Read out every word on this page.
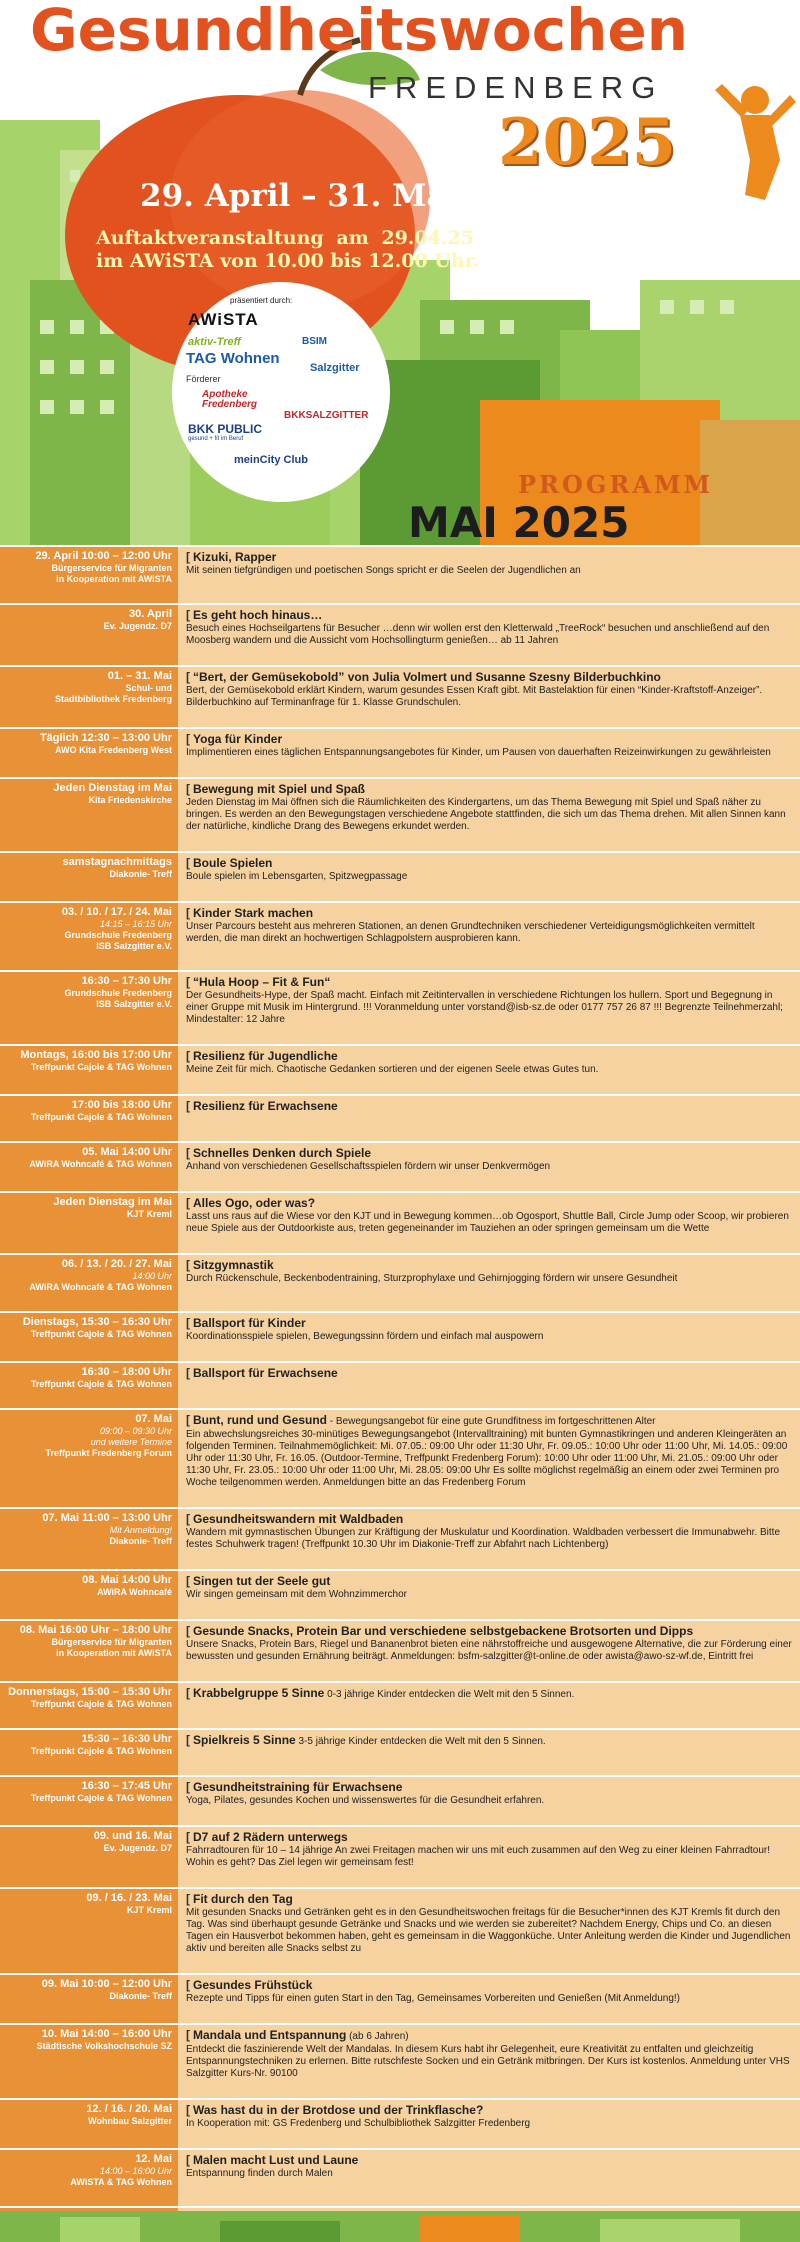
Gesundheitswochen
FREDENBERG
2025
29. April – 31. Mai
Auftaktveranstaltung am 29.04.25
im AWiSTA von 10.00 bis 12.00 Uhr.
präsentiert durch:
AWiSTA
aktiv-Treff	BSIM
TAG Wohnen
Salzgitter
Förderer
Apotheke Fredenberg
BKKSALZGITTER
BKK PUBLIC
gesund + fit im Beruf
meinCity Club
PROGRAMM
MAI 2025
29. April 10:00 – 12:00 Uhr
Bürgerservice für Migranten
in Kooperation mit AWiSTA
[ Kizuki, Rapper
Mit seinen tiefgründigen und poetischen Songs spricht er die Seelen der Jugendlichen an
30. April
Ev. Jugendz. D7
[ Es geht hoch hinaus…
Besuch eines Hochseilgartens für Besucher …denn wir wollen erst den Kletterwald „TreeRock“ besuchen und anschließend auf den Moosberg wandern und die Aussicht vom Hochsollingturm genießen… ab 11 Jahren
01. – 31. Mai
Schul- und
Stadtbibliothek Fredenberg
[ “Bert, der Gemüsekobold” von Julia Volmert und Susanne Szesny Bilderbuchkino
Bert, der Gemüsekobold erklärt Kindern, warum gesundes Essen Kraft gibt. Mit Bastelaktion für einen “Kinder-Kraftstoff-Anzeiger”. Bilderbuchkino auf Terminanfrage für 1. Klasse Grundschulen.
Täglich 12:30 – 13:00 Uhr
AWO Kita Fredenberg West
[ Yoga für Kinder
Implimentieren eines täglichen Entspannungsangebotes für Kinder, um Pausen von dauerhaften Reizeinwirkungen zu gewährleisten
Jeden Dienstag im Mai
Kita Friedenskirche
[ Bewegung mit Spiel und Spaß
Jeden Dienstag im Mai öffnen sich die Räumlichkeiten des Kindergartens, um das Thema Bewegung mit Spiel und Spaß näher zu bringen. Es werden an den Bewegungstagen verschiedene Angebote stattfinden, die sich um das Thema drehen. Mit allen Sinnen kann der natürliche, kindliche Drang des Bewegens erkundet werden.
samstagnachmittags
Diakonie- Treff
[ Boule Spielen
Boule spielen im Lebensgarten, Spitzwegpassage
03. / 10. / 17. / 24. Mai
14:15 – 16:15 Uhr
Grundschule Fredenberg
ISB Salzgitter e.V.
[ Kinder Stark machen
Unser Parcours besteht aus mehreren Stationen, an denen Grundtechniken verschiedener Verteidigungsmöglichkeiten vermittelt werden, die man direkt an hochwertigen Schlagpolstern ausprobieren kann.
16:30 – 17:30 Uhr
Grundschule Fredenberg
ISB Salzgitter e.V.
[ “Hula Hoop – Fit & Fun“
Der Gesundheits-Hype, der Spaß macht. Einfach mit Zeitintervallen in verschiedene Richtungen los hullern. Sport und Begegnung in einer Gruppe mit Musik im Hintergrund. !!! Voranmeldung unter vorstand@isb-sz.de oder 0177 757 26 87 !!! Begrenzte Teilnehmerzahl; Mindestalter: 12 Jahre
Montags, 16:00 bis 17:00 Uhr
Treffpunkt Cajole & TAG Wohnen
[ Resilienz für Jugendliche
Meine Zeit für mich. Chaotische Gedanken sortieren und der eigenen Seele etwas Gutes tun.
17:00 bis 18:00 Uhr
Treffpunkt Cajole & TAG Wohnen
[ Resilienz für Erwachsene
05. Mai 14:00 Uhr
AWiRA Wohncafé & TAG Wohnen
[ Schnelles Denken durch Spiele
Anhand von verschiedenen Gesellschaftsspielen fördern wir unser Denkvermögen
Jeden Dienstag im Mai
KJT Kreml
[ Alles Ogo, oder was?
Lasst uns raus auf die Wiese vor den KJT und in Bewegung kommen…ob Ogosport, Shuttle Ball, Circle Jump oder Scoop, wir probieren neue Spiele aus der Outdoorkiste aus, treten gegeneinander im Tauziehen an oder springen gemeinsam um die Wette
06. / 13. / 20. / 27. Mai
14:00 Uhr
AWiRA Wohncafé & TAG Wohnen
[ Sitzgymnastik
Durch Rückenschule, Beckenbodentraining, Sturzprophylaxe und Gehirnjogging fördern wir unsere Gesundheit
Dienstags, 15:30 – 16:30 Uhr
Treffpunkt Cajole & TAG Wohnen
[ Ballsport für Kinder
Koordinationsspiele spielen, Bewegungssinn fördern und einfach mal auspowern
16:30 – 18:00 Uhr
Treffpunkt Cajole & TAG Wohnen
[ Ballsport für Erwachsene
07. Mai
09:00 – 09:30 Uhr
und weitere Termine
Treffpunkt Fredenberg Forum
[ Bunt, rund und Gesund - Bewegungsangebot für eine gute Grundfitness im fortgeschrittenen Alter
Ein abwechslungsreiches 30-minütiges Bewegungsangebot (Intervalltraining) mit bunten Gymnastikringen und anderen Kleingeräten an folgenden Terminen. Teilnahmemöglichkeit: Mi. 07.05.: 09:00 Uhr oder 11:30 Uhr, Fr. 09.05.: 10:00 Uhr oder 11:00 Uhr, Mi. 14.05.: 09:00 Uhr oder 11:30 Uhr, Fr. 16.05. (Outdoor-Termine, Treffpunkt Fredenberg Forum): 10:00 Uhr oder 11:00 Uhr, Mi. 21.05.: 09:00 Uhr oder 11:30 Uhr, Fr. 23.05.: 10:00 Uhr oder 11:00 Uhr, Mi. 28.05: 09:00 Uhr Es sollte möglichst regelmäßig an einem oder zwei Terminen pro Woche teilgenommen werden. Anmeldungen bitte an das Fredenberg Forum
07. Mai 11:00 – 13:00 Uhr
Mit Anmeldung!
Diakonie- Treff
[ Gesundheitswandern mit Waldbaden
Wandern mit gymnastischen Übungen zur Kräftigung der Muskulatur und Koordination. Waldbaden verbessert die Immunabwehr. Bitte festes Schuhwerk tragen! (Treffpunkt 10.30 Uhr im Diakonie-Treff zur Abfahrt nach Lichtenberg)
08. Mai 14:00 Uhr
AWiRA Wohncafé
[ Singen tut der Seele gut
Wir singen gemeinsam mit dem Wohnzimmerchor
08. Mai 16:00 Uhr – 18:00 Uhr
Bürgerservice für Migranten
in Kooperation mit AWiSTA
[ Gesunde Snacks, Protein Bar und verschiedene selbstgebackene Brotsorten und Dipps
Unsere Snacks, Protein Bars, Riegel und Bananenbrot bieten eine nährstoffreiche und ausgewogene Alternative, die zur Förderung einer bewussten und gesunden Ernährung beiträgt. Anmeldungen: bsfm-salzgitter@t-online.de oder awista@awo-sz-wf.de, Eintritt frei
Donnerstags, 15:00 – 15:30 Uhr
Treffpunkt Cajole & TAG Wohnen
[ Krabbelgruppe 5 Sinne 0-3 jährige Kinder entdecken die Welt mit den 5 Sinnen.
15:30 – 16:30 Uhr
Treffpunkt Cajole & TAG Wohnen
[ Spielkreis 5 Sinne 3-5 jährige Kinder entdecken die Welt mit den 5 Sinnen.
16:30 – 17:45 Uhr
Treffpunkt Cajole & TAG Wohnen
[ Gesundheitstraining für Erwachsene
Yoga, Pilates, gesundes Kochen und wissenswertes für die Gesundheit erfahren.
09. und 16. Mai
Ev. Jugendz. D7
[ D7 auf 2 Rädern unterwegs
Fahrradtouren für 10 – 14 jährige An zwei Freitagen machen wir uns mit euch zusammen auf den Weg zu einer kleinen Fahrradtour! Wohin es geht? Das Ziel legen wir gemeinsam fest!
09. / 16. / 23. Mai
KJT Kreml
[ Fit durch den Tag
Mit gesunden Snacks und Getränken geht es in den Gesundheitswochen freitags für die Besucher*innen des KJT Kremls fit durch den Tag. Was sind überhaupt gesunde Getränke und Snacks und wie werden sie zubereitet? Nachdem Energy, Chips und Co. an diesen Tagen ein Hausverbot bekommen haben, geht es gemeinsam in die Waggonküche. Unter Anleitung werden die Kinder und Jugendlichen aktiv und bereiten alle Snacks selbst zu
09. Mai 10:00 – 12:00 Uhr
Diakonie- Treff
[ Gesundes Frühstück
Rezepte und Tipps für einen guten Start in den Tag, Gemeinsames Vorbereiten und Genießen (Mit Anmeldung!)
10. Mai 14:00 – 16:00 Uhr
Städtische Volkshochschule SZ
[ Mandala und Entspannung (ab 6 Jahren)
Entdeckt die faszinierende Welt der Mandalas. In diesem Kurs habt ihr Gelegenheit, eure Kreativität zu entfalten und gleichzeitig Entspannungstechniken zu erlernen. Bitte rutschfeste Socken und ein Getränk mitbringen. Der Kurs ist kostenlos. Anmeldung unter VHS Salzgitter Kurs-Nr. 90100
12. / 16. / 20. Mai
Wohnbau Salzgitter
[ Was hast du in der Brotdose und der Trinkflasche?
In Kooperation mit: GS Fredenberg und Schulbibliothek Salzgitter Fredenberg
12. Mai
14:00 – 16:00 Uhr
AWiSTA & TAG Wohnen
[ Malen macht Lust und Laune
Entspannung finden durch Malen
